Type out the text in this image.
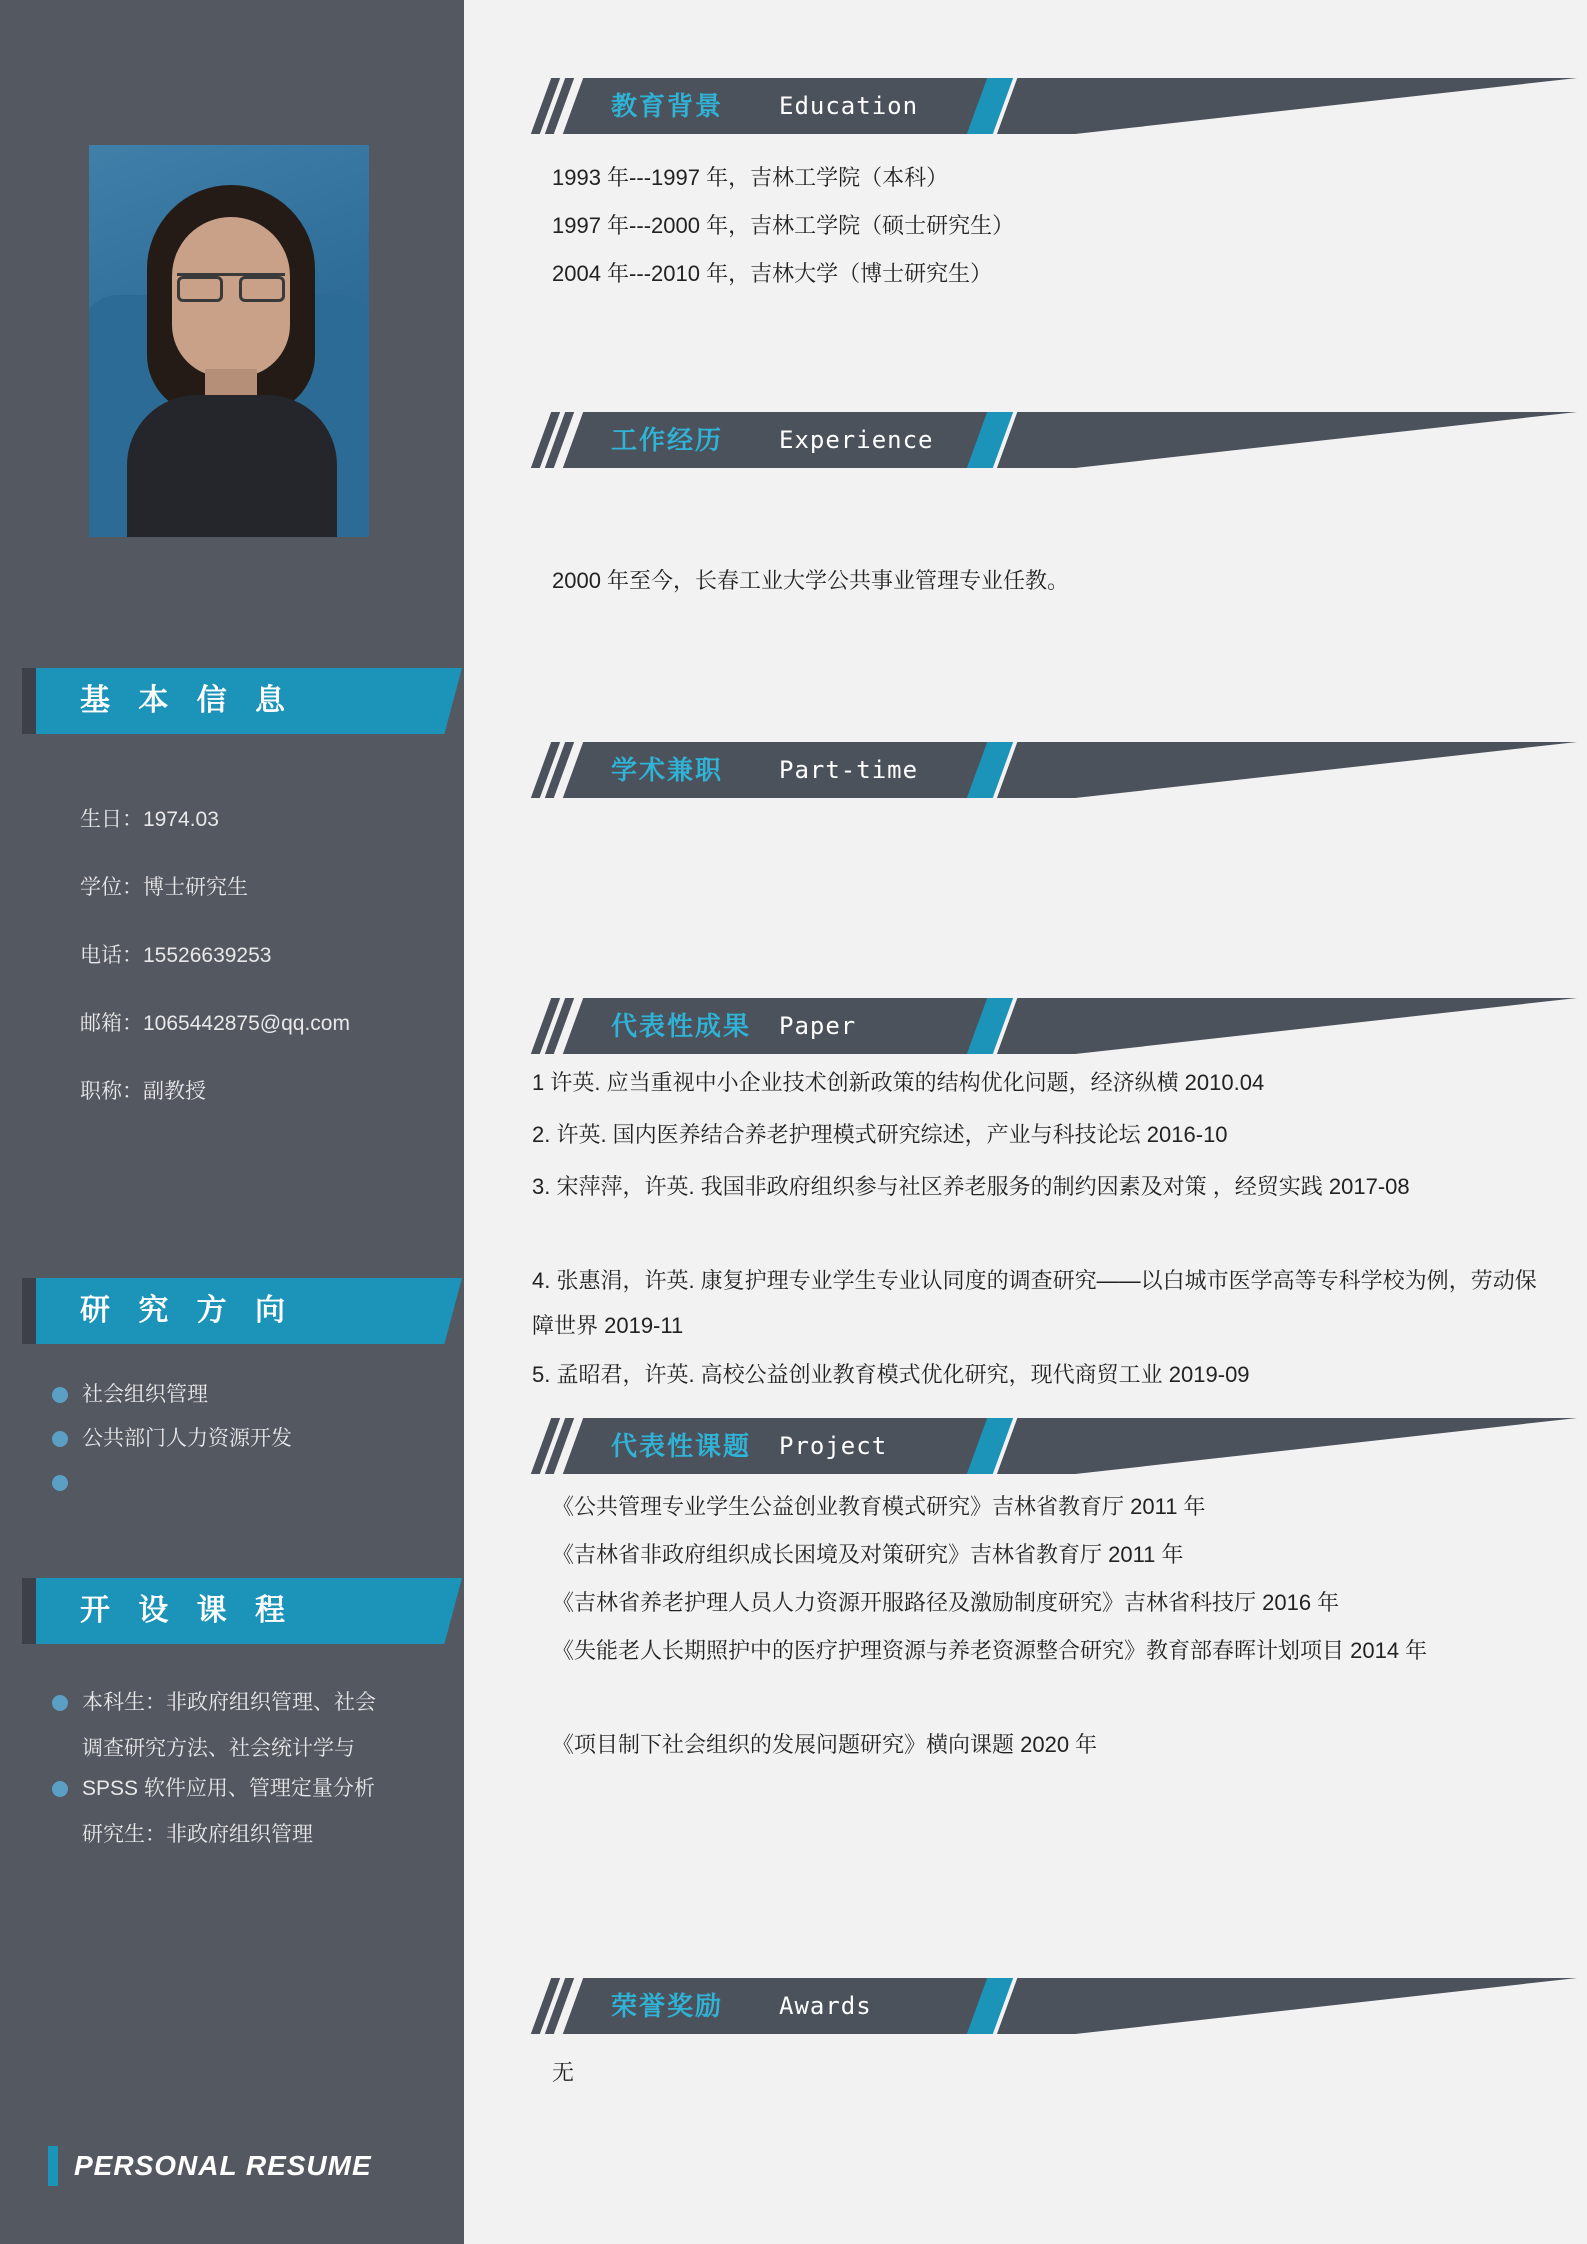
基 本 信 息
生日：1974.03
学位：博士研究生
电话：15526639253
邮箱：1065442875@qq.com
职称：副教授
研 究 方 向
社会组织管理
公共部门人力资源开发
开 设 课 程
本科生：非政府组织管理、社会
调查研究方法、社会统计学与
SPSS 软件应用、管理定量分析
研究生：非政府组织管理
PERSONAL RESUME
教育背景 Education
1993 年---1997 年，吉林工学院（本科）
1997 年---2000 年，吉林工学院（硕士研究生）
2004 年---2010 年，吉林大学（博士研究生）
工作经历 Experience
2000 年至今，长春工业大学公共事业管理专业任教。
学术兼职 Part-time
代表性成果 Paper
1 许英. 应当重视中小企业技术创新政策的结构优化问题，经济纵横 2010.04
2. 许英. 国内医养结合养老护理模式研究综述，产业与科技论坛 2016-10
3. 宋萍萍，许英. 我国非政府组织参与社区养老服务的制约因素及对策 ，经贸实践 2017-08
4. 张惠涓，许英. 康复护理专业学生专业认同度的调查研究——以白城市医学高等专科学校为例，劳动保障世界 2019-11
5. 孟昭君，许英. 高校公益创业教育模式优化研究，现代商贸工业 2019-09
代表性课题 Project
《公共管理专业学生公益创业教育模式研究》吉林省教育厅 2011 年
《吉林省非政府组织成长困境及对策研究》吉林省教育厅 2011 年
《吉林省养老护理人员人力资源开服路径及激励制度研究》吉林省科技厅 2016 年
《失能老人长期照护中的医疗护理资源与养老资源整合研究》教育部春晖计划项目 2014 年
《项目制下社会组织的发展问题研究》横向课题 2020 年
荣誉奖励 Awards
无
